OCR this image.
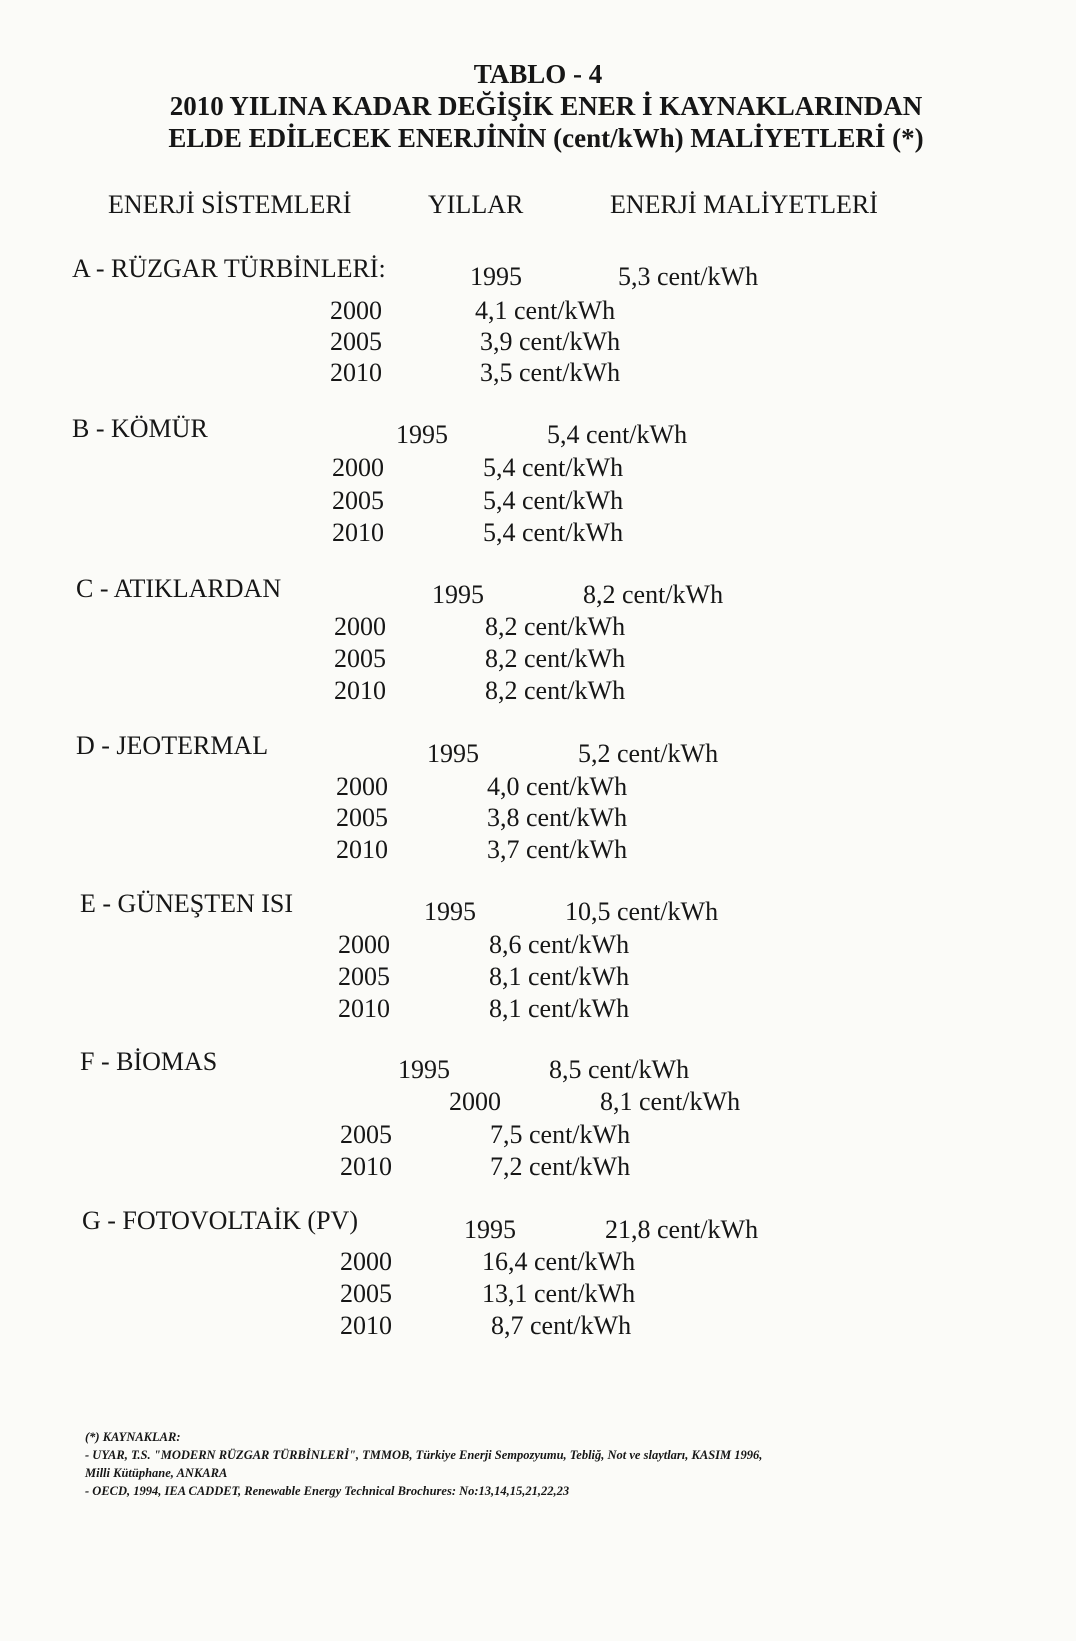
TABLO - 4
2010 YILINA KADAR DEĞİŞİK ENER İ KAYNAKLARINDAN
ELDE EDİLECEK ENERJİNİN (cent/kWh) MALİYETLERİ (*)
ENERJİ SİSTEMLERİ	YILLAR	ENERJİ MALİYETLERİ
A - RÜZGAR TÜRBİNLERİ:	1995	5,3 cent/kWh
2000	4,1 cent/kWh
2005	3,9 cent/kWh
2010	3,5 cent/kWh
B - KÖMÜR	1995	5,4 cent/kWh
2000	5,4 cent/kWh
2005	5,4 cent/kWh
2010	5,4 cent/kWh
C - ATIKLARDAN	1995	8,2 cent/kWh
2000	8,2 cent/kWh
2005	8,2 cent/kWh
2010	8,2 cent/kWh
D - JEOTERMAL	1995	5,2 cent/kWh
2000	4,0 cent/kWh
2005	3,8 cent/kWh
2010	3,7 cent/kWh
E - GÜNEŞTEN ISI	1995	10,5 cent/kWh
2000	8,6 cent/kWh
2005	8,1 cent/kWh
2010	8,1 cent/kWh
F - BİOMAS	1995	8,5 cent/kWh
2000	8,1 cent/kWh
2005	7,5 cent/kWh
2010	7,2 cent/kWh
G - FOTOVOLTAİK (PV)	1995	21,8 cent/kWh
2000	16,4 cent/kWh
2005	13,1 cent/kWh
2010	8,7 cent/kWh
(*) KAYNAKLAR:
- UYAR, T.S. "MODERN RÜZGAR TÜRBİNLERİ", TMMOB, Türkiye Enerji Sempozyumu, Tebliğ, Not ve slaytları, KASIM 1996,
Milli Kütüphane, ANKARA
- OECD, 1994, IEA CADDET, Renewable Energy Technical Brochures: No:13,14,15,21,22,23
